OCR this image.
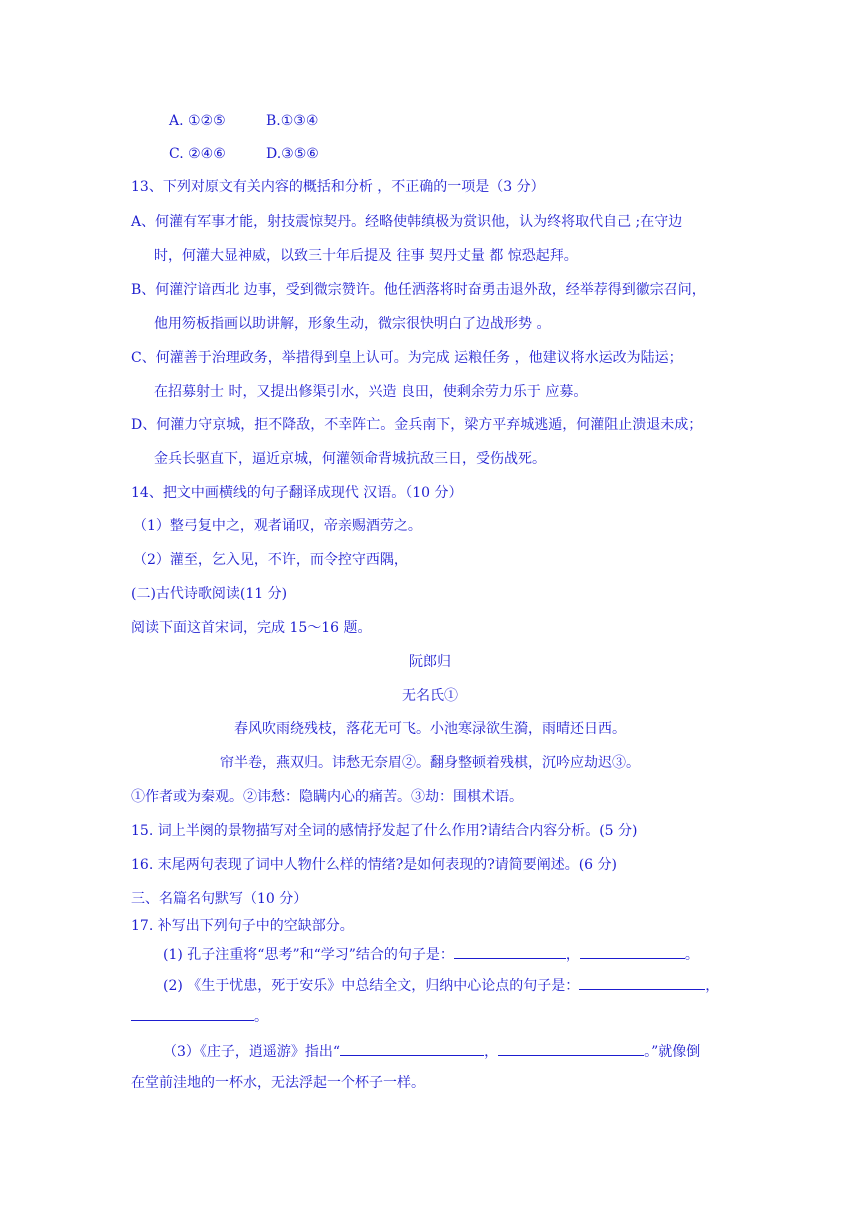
A. ①②⑤	B.①③④
C. ②④⑥	D.③⑤⑥
13、下列对原文有关内容的概括和分析 ，不正确的一项是（3 分）
A、何灌有军事才能，射技震惊契丹。经略使韩缜极为赏识他，认为终将取代自己 ;在守边
时，何灌大显神威，以致三十年后提及 往事 契丹丈量 都 惊恐起拜。
B、何灌泞谙西北 边事，受到微宗赞许。他任洒落将时奋勇击退外敌，经举荐得到徽宗召问，
他用笏板指画以助讲解，形象生动，微宗很快明白了边战形势 。
C、何灌善于治理政务，举措得到皇上认可。为完成 运粮任务 ，他建议将水运改为陆运；
在招募射士 时，又提出修渠引水，兴造 良田，使剩余劳力乐于 应募。
D、何灌力守京城，拒不降敌，不幸阵亡。金兵南下，梁方平弃城逃遁，何灌阻止溃退未成；
金兵长驱直下，逼近京城，何灌领命背城抗敌三日，受伤战死。
14、把文中画横线的句子翻译成现代 汉语。（10 分）
（1）整弓复中之，观者诵叹，帝亲赐酒劳之。
（2）灌至，乞入见，不许，而令控守西隅，
(二)古代诗歌阅读(11 分)
阅读下面这首宋词，完成 15～16 题。
阮郎归
无名氏①
春风吹雨绕残枝，落花无可飞。小池寒渌欲生漪，雨晴还日西。
帘半卷，燕双归。讳愁无奈眉②。翻身整顿着残棋，沉吟应劫迟③。
①作者或为秦观。②讳愁：隐瞒内心的痛苦。③劫：围棋术语。
15. 词上半阕的景物描写对全词的感情抒发起了什么作用?请结合内容分析。(5 分)
16. 末尾两句表现了词中人物什么样的情绪?是如何表现的?请简要阐述。(6 分)
三、名篇名句默写（10 分）
17. 补写出下列句子中的空缺部分。
(1) 孔子注重将“思考”和“学习”结合的句子是：	，	。
(2) 《生于忧患，死于安乐》中总结全文，归纳中心论点的句子是：	，
。
（3）《庄子，逍遥游》指出“	，	。”就像倒
在堂前洼地的一杯水，无法浮起一个杯子一样。
